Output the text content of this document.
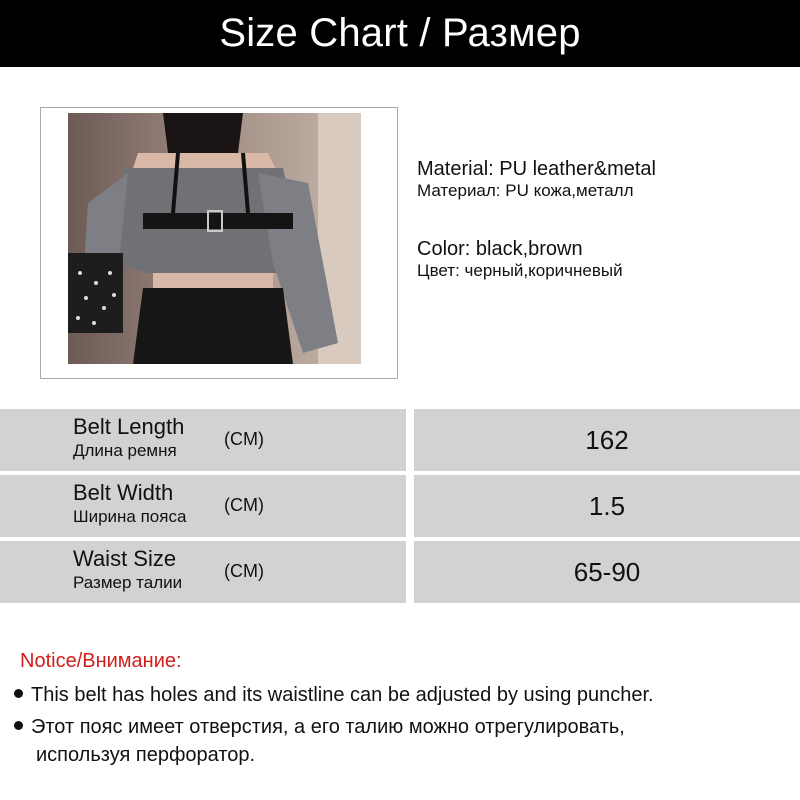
Size Chart / Размер
Material: PU leather&metal
Материал: PU кожа,металл
Color: black,brown
Цвет: черный,коричневый
Belt Length
Длина ремня
(CM)	162
Belt Width
Ширина пояса
(CM)	1.5
Waist Size
Размер талии
(CM)	65-90
Notice/Внимание:
This belt has holes and its waistline can be adjusted by using puncher.
Этот пояс имеет отверстия, а его талию можно отрегулировать,
используя перфоратор.
